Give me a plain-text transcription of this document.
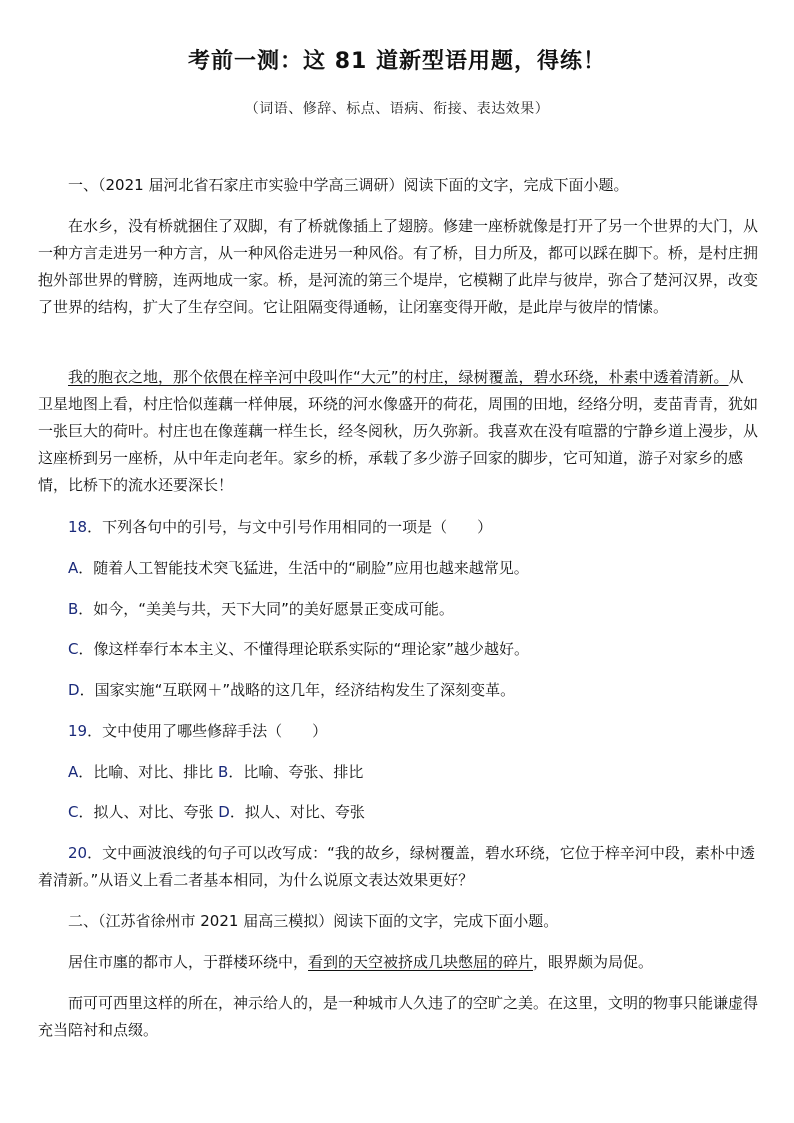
考前一测：这 81 道新型语用题，得练！
（词语、修辞、标点、语病、衔接、表达效果）

一、（2021 届河北省石家庄市实验中学高三调研）阅读下面的文字，完成下面小题。

在水乡，没有桥就捆住了双脚，有了桥就像插上了翅膀。修建一座桥就像是打开了另一个世界的大门，从一种方言走进另一种方言，从一种风俗走进另一种风俗。有了桥，目力所及，都可以踩在脚下。桥，是村庄拥抱外部世界的臂膀，连两地成一家。桥，是河流的第三个堤岸，它模糊了此岸与彼岸，弥合了楚河汉界，改变了世界的结构，扩大了生存空间。它让阻隔变得通畅，让闭塞变得开敞，是此岸与彼岸的情愫。

我的胞衣之地，那个依偎在梓辛河中段叫作“大元”的村庄，绿树覆盖，碧水环绕，朴素中透着清新。从卫星地图上看，村庄恰似莲藕一样伸展，环绕的河水像盛开的荷花，周围的田地，经络分明，麦苗青青，犹如一张巨大的荷叶。村庄也在像莲藕一样生长，经冬阅秋，历久弥新。我喜欢在没有喧嚣的宁静乡道上漫步，从这座桥到另一座桥，从中年走向老年。家乡的桥，承载了多少游子回家的脚步，它可知道，游子对家乡的感情，比桥下的流水还要深长！

18．下列各句中的引号，与文中引号作用相同的一项是（　　）

A．随着人工智能技术突飞猛进，生活中的“刷脸”应用也越来越常见。

B．如今，“美美与共，天下大同”的美好愿景正变成可能。

C．像这样奉行本本主义、不懂得理论联系实际的“理论家”越少越好。

D．国家实施“互联网＋”战略的这几年，经济结构发生了深刻变革。

19．文中使用了哪些修辞手法（　　）

A．比喻、对比、排比 B．比喻、夸张、排比

C．拟人、对比、夸张 D．拟人、对比、夸张

20．文中画波浪线的句子可以改写成：“我的故乡，绿树覆盖，碧水环绕，它位于梓辛河中段，素朴中透着清新。”从语义上看二者基本相同，为什么说原文表达效果更好？

二、（江苏省徐州市 2021 届高三模拟）阅读下面的文字，完成下面小题。

居住市廛的都市人，于群楼环绕中，看到的天空被挤成几块憋屈的碎片，眼界颇为局促。

而可可西里这样的所在，神示给人的，是一种城市人久违了的空旷之美。在这里，文明的物事只能谦虚得充当陪衬和点缀。
